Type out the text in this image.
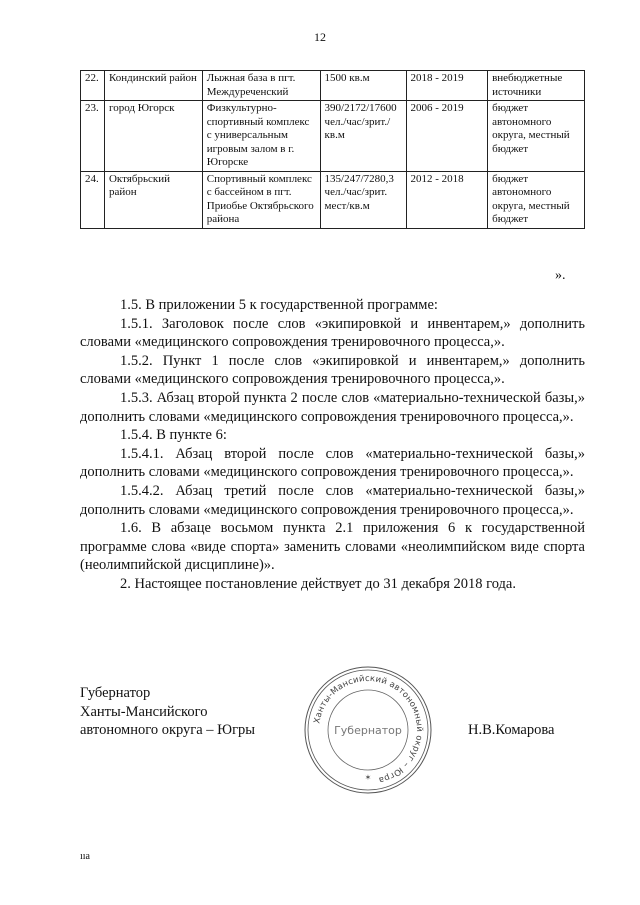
12
22.	Кондинский район	Лыжная база в пгт. Междуреченский	1500 кв.м	2018 - 2019	внебюджетные источники
23.	город Югорск	Физкультурно-спортивный комплекс с универсальным игровым залом в г. Югорске	390/2172/17600 чел./час/зрит./кв.м	2006 - 2019	бюджет автономного округа, местный бюджет
24.	Октябрьский район	Спортивный комплекс с бассейном в пгт. Приобье Октябрьского района	135/247/7280,3 чел./час/зрит. мест/кв.м	2012 - 2018	бюджет автономного округа, местный бюджет
».

1.5. В приложении 5 к государственной программе:

1.5.1. Заголовок после слов «экипировкой и инвентарем,» дополнить словами «медицинского сопровождения тренировочного процесса,».

1.5.2. Пункт 1 после слов «экипировкой и инвентарем,» дополнить словами «медицинского сопровождения тренировочного процесса,».

1.5.3. Абзац второй пункта 2 после слов «материально-технической базы,» дополнить словами «медицинского сопровождения тренировочного процесса,».

1.5.4. В пункте 6:

1.5.4.1. Абзац второй после слов «материально-технической базы,» дополнить словами «медицинского сопровождения тренировочного процесса,».

1.5.4.2. Абзац третий после слов «материально-технической базы,» дополнить словами «медицинского сопровождения тренировочного процесса,».

1.6. В абзаце восьмом пункта 2.1 приложения 6 к государственной программе слова «виде спорта» заменить словами «неолимпийском виде спорта (неолимпийской дисциплине)».

2. Настоящее постановление действует до 31 декабря 2018 года.

Губернатор
Ханты-Мансийского
автономного округа – Югры
Ханты-Мансийский автономный округ – Югра
Губернатор
✶
Н.В.Комарова
ııa
